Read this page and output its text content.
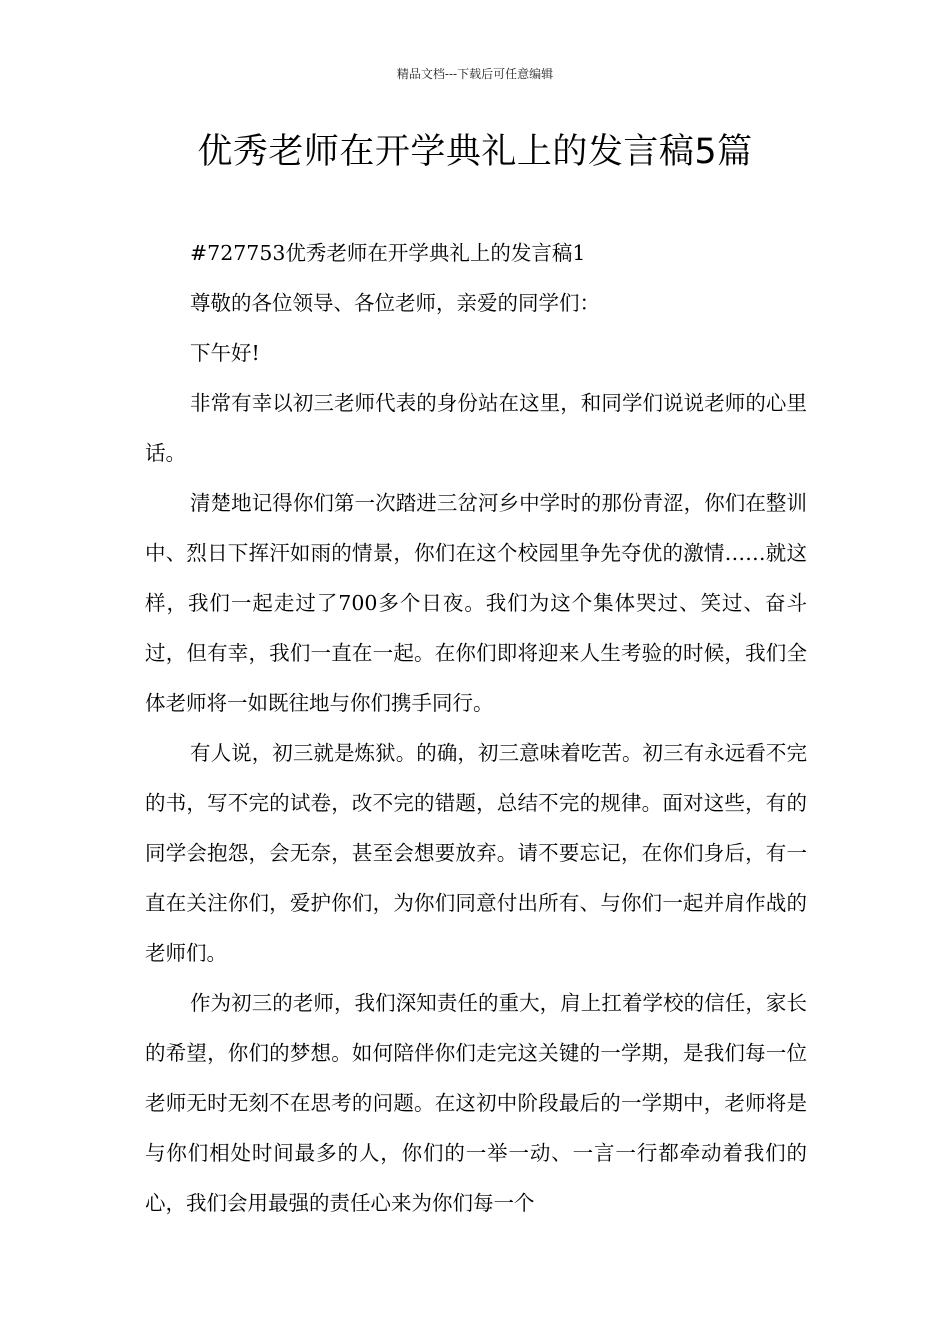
精品文档---下载后可任意编辑
优秀老师在开学典礼上的发言稿5篇

#727753优秀老师在开学典礼上的发言稿1

尊敬的各位领导、各位老师，亲爱的同学们：

下午好!

非常有幸以初三老师代表的身份站在这里，和同学们说说老师的心里话。

清楚地记得你们第一次踏进三岔河乡中学时的那份青涩，你们在整训中、烈日下挥汗如雨的情景，你们在这个校园里争先夺优的激情……就这样，我们一起走过了700多个日夜。我们为这个集体哭过、笑过、奋斗过，但有幸，我们一直在一起。在你们即将迎来人生考验的时候，我们全体老师将一如既往地与你们携手同行。

有人说，初三就是炼狱。的确，初三意味着吃苦。初三有永远看不完的书，写不完的试卷，改不完的错题，总结不完的规律。面对这些，有的同学会抱怨，会无奈，甚至会想要放弃。请不要忘记，在你们身后，有一直在关注你们，爱护你们，为你们同意付出所有、与你们一起并肩作战的老师们。

作为初三的老师，我们深知责任的重大，肩上扛着学校的信任，家长的希望，你们的梦想。如何陪伴你们走完这关键的一学期，是我们每一位老师无时无刻不在思考的问题。在这初中阶段最后的一学期中，老师将是与你们相处时间最多的人，你们的一举一动、一言一行都牵动着我们的心，我们会用最强的责任心来为你们每一个
